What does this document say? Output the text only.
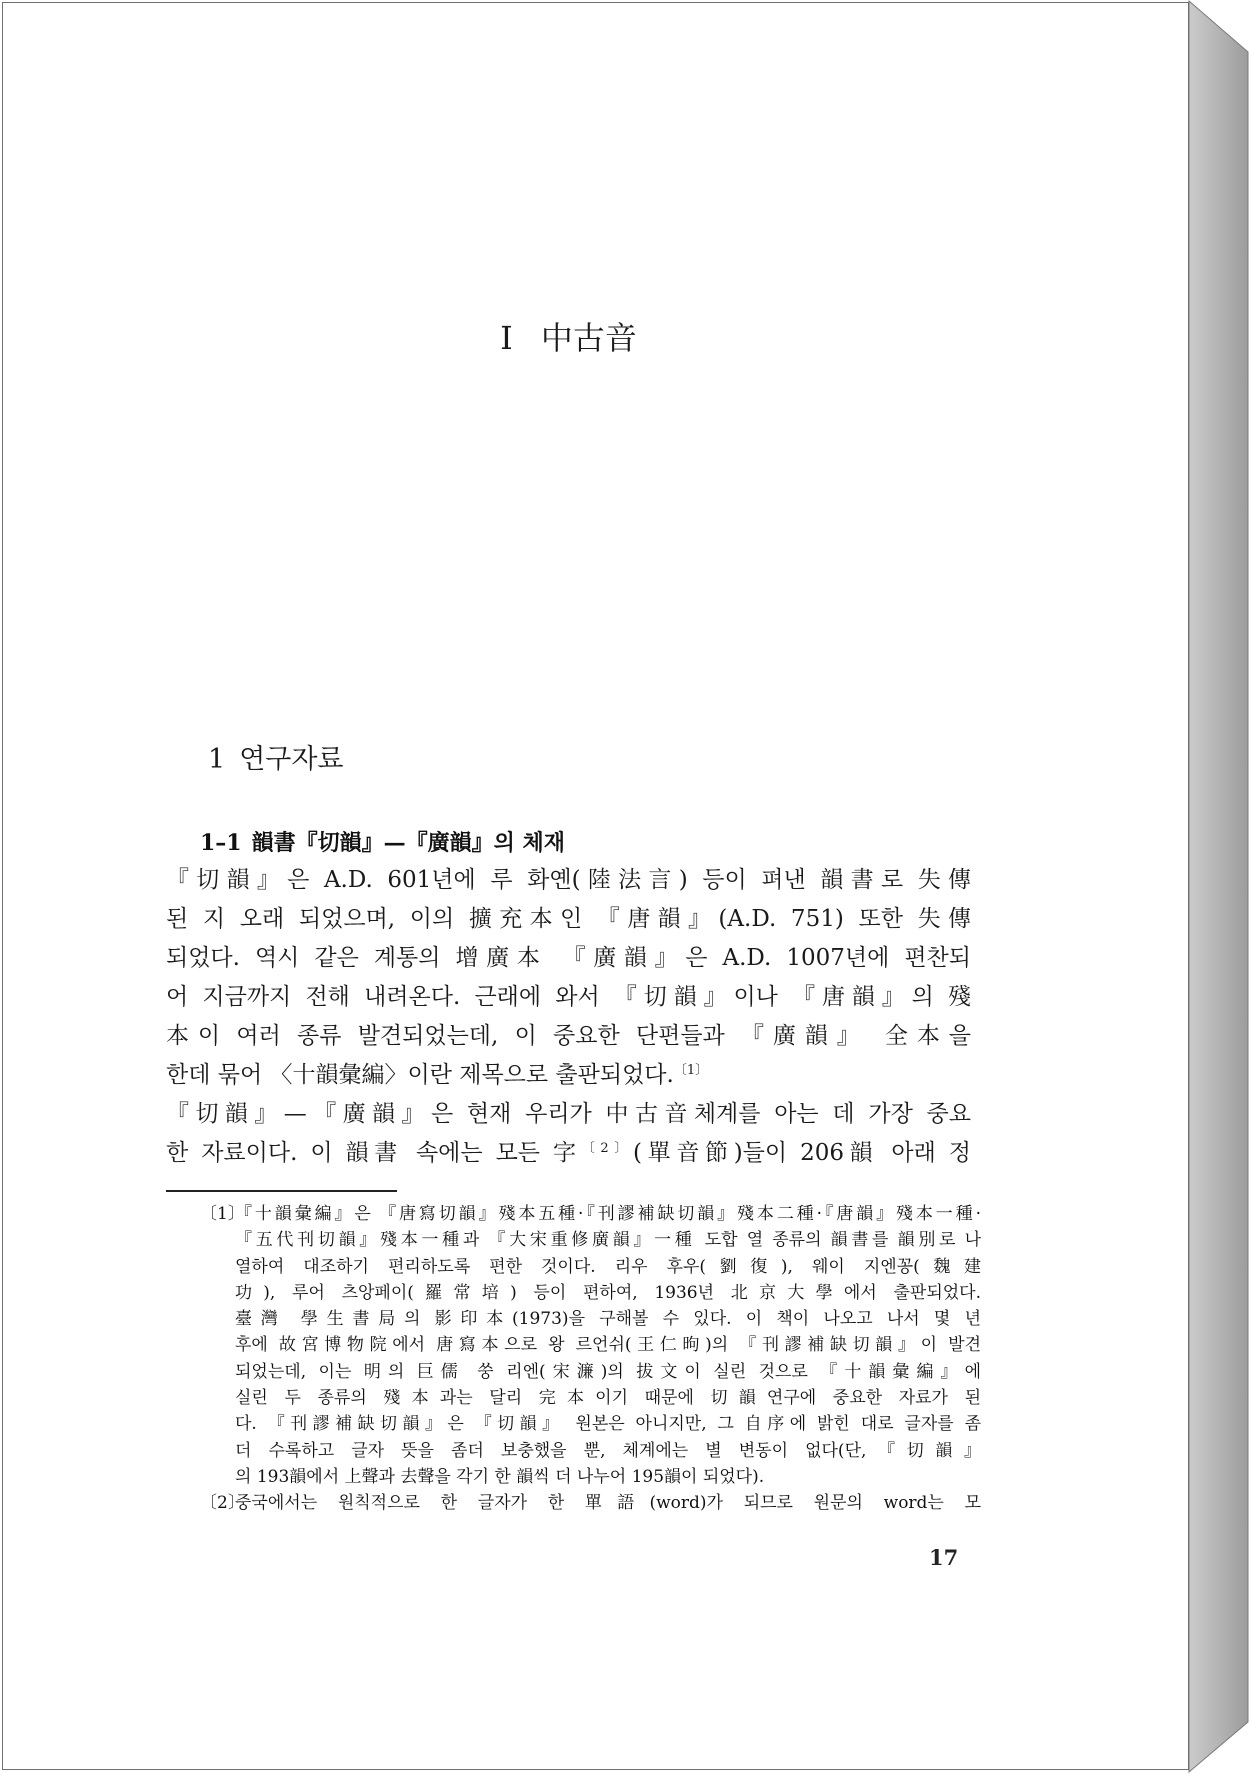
I 中古音
1 연구자료
1–1 韻書『切韻』—『廣韻』의 체재
『切韻』은 A.D. 601년에 루 화옌(陸法言) 등이 펴낸 韻書로 失傳
된 지 오래 되었으며, 이의 擴充本인 『唐韻』(A.D. 751) 또한 失傳
되었다. 역시 같은 계통의 增廣本 『廣韻』은 A.D. 1007년에 편찬되
어 지금까지 전해 내려온다. 근래에 와서 『切韻』이나 『唐韻』의 殘
本이 여러 종류 발견되었는데, 이 중요한 단편들과 『廣韻』 全本을
한데 묶어 〈十韻彙編〉이란 제목으로 출판되었다.$^{〔1〕}$
『切韻』—『廣韻』은 현재 우리가 中古音체계를 아는 데 가장 중요
한 자료이다. 이 韻書 속에는 모든 字$^{〔2〕}$(單音節)들이 206韻 아래 정
〔1〕
『十韻彙編』은 『唐寫切韻』殘本五種·『刊謬補缺切韻』殘本二種·『唐韻』殘本一種·
『五代刊切韻』殘本一種과 『大宋重修廣韻』一種 도합 열 종류의 韻書를 韻別로 나
열하여 대조하기 편리하도록 편한 것이다. 리우 후우(劉復), 웨이 지엔꽁(魏建
功), 루어 츠앙페이(羅常培) 등이 편하여, 1936년 北京大學에서 출판되었다.
臺灣 學生書局의 影印本(1973)을 구해볼 수 있다. 이 책이 나오고 나서 몇 년
후에 故宮博物院에서 唐寫本으로 왕 르언쉬(王仁昫)의 『刊謬補缺切韻』이 발견
되었는데, 이는 明의 巨儒 쑹 리엔(宋濂)의 拔文이 실린 것으로 『十韻彙編』에
실린 두 종류의 殘本과는 달리 完本이기 때문에 切韻연구에 중요한 자료가 된
다. 『刊謬補缺切韻』은 『切韻』 원본은 아니지만, 그 自序에 밝힌 대로 글자를 좀
더 수록하고 글자 뜻을 좀더 보충했을 뿐, 체계에는 별 변동이 없다(단,『切韻』
의 193韻에서 上聲과 去聲을 각기 한 韻씩 더 나누어 195韻이 되었다).
〔2〕
중국에서는 원칙적으로 한 글자가 한 單語(word)가 되므로 원문의 word는 모
17
